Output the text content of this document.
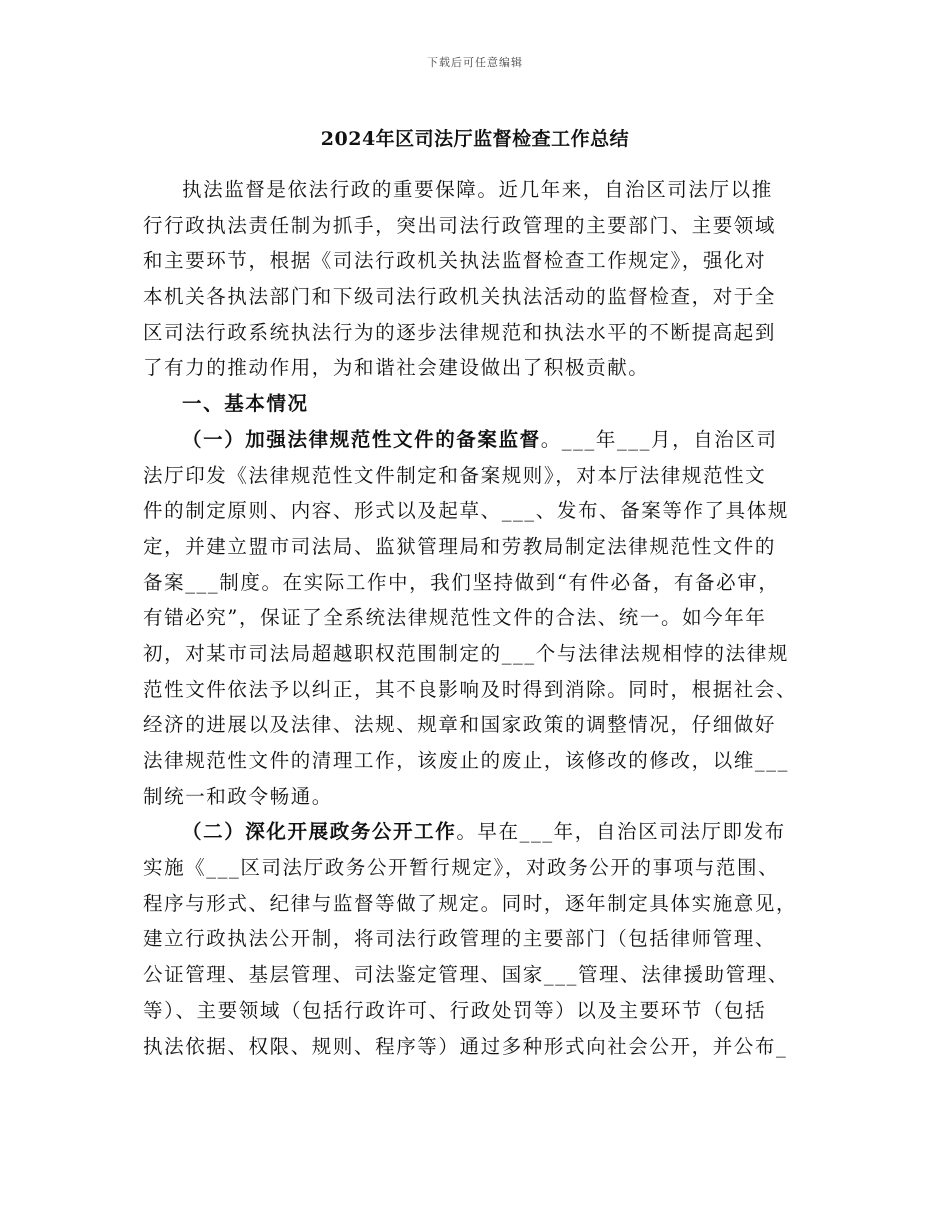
下载后可任意编辑
2024年区司法厅监督检查工作总结
执法监督是依法行政的重要保障。近几年来，自治区司法厅以推
行行政执法责任制为抓手，突出司法行政管理的主要部门、主要领域
和主要环节，根据《司法行政机关执法监督检查工作规定》，强化对
本机关各执法部门和下级司法行政机关执法活动的监督检查，对于全
区司法行政系统执法行为的逐步法律规范和执法水平的不断提高起到
了有力的推动作用，为和谐社会建设做出了积极贡献。
一、基本情况
（一）加强法律规范性文件的备案监督。___年___月，自治区司
法厅印发《法律规范性文件制定和备案规则》，对本厅法律规范性文
件的制定原则、内容、形式以及起草、___、发布、备案等作了具体规
定，并建立盟市司法局、监狱管理局和劳教局制定法律规范性文件的
备案___制度。在实际工作中，我们坚持做到“有件必备，有备必审，
有错必究”，保证了全系统法律规范性文件的合法、统一。如今年年
初，对某市司法局超越职权范围制定的___个与法律法规相悖的法律规
范性文件依法予以纠正，其不良影响及时得到消除。同时，根据社会、
经济的进展以及法律、法规、规章和国家政策的调整情况，仔细做好
法律规范性文件的清理工作，该废止的废止，该修改的修改，以维___
制统一和政令畅通。
（二）深化开展政务公开工作。早在___年，自治区司法厅即发布
实施《___区司法厅政务公开暂行规定》，对政务公开的事项与范围、
程序与形式、纪律与监督等做了规定。同时，逐年制定具体实施意见，
建立行政执法公开制，将司法行政管理的主要部门（包括律师管理、
公证管理、基层管理、司法鉴定管理、国家___管理、法律援助管理、
等）、主要领域（包括行政许可、行政处罚等）以及主要环节（包括
执法依据、权限、规则、程序等）通过多种形式向社会公开，并公布_
